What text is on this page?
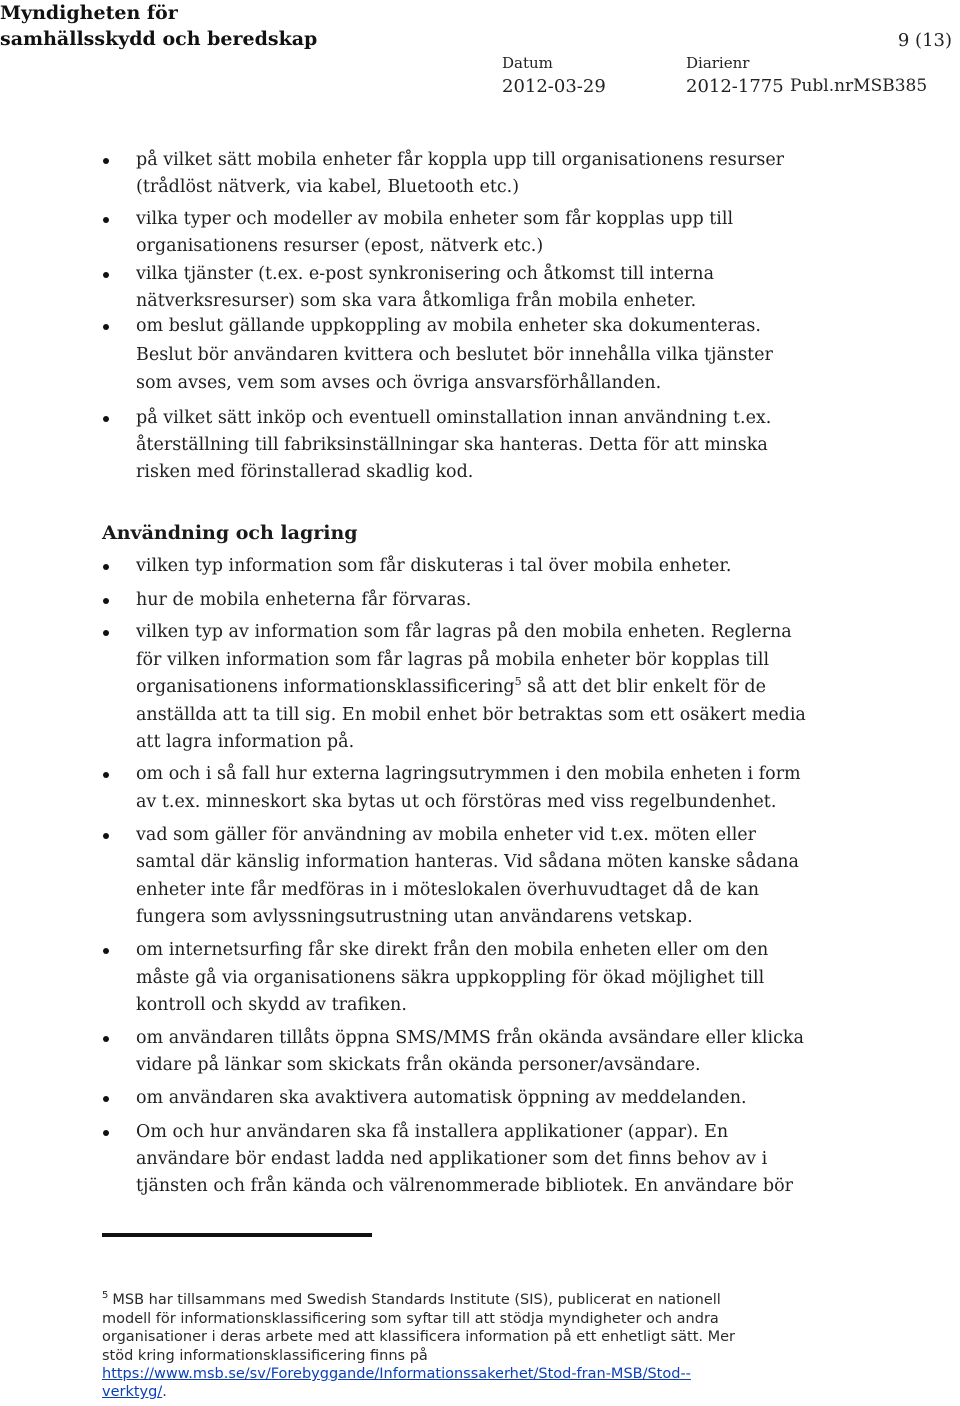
Myndigheten för
samhällsskydd och beredskap	9 (13)
Datum	Diarienr
2012-03-29	2012-1775 Publ.nrMSB385
på vilket sätt mobila enheter får koppla upp till organisationens resurser
(trådlöst nätverk, via kabel, Bluetooth etc.)
vilka typer och modeller av mobila enheter som får kopplas upp till
organisationens resurser (epost, nätverk etc.)
vilka tjänster (t.ex. e-post synkronisering och åtkomst till interna
nätverksresurser) som ska vara åtkomliga från mobila enheter.
om beslut gällande uppkoppling av mobila enheter ska dokumenteras.
Beslut bör användaren kvittera och beslutet bör innehålla vilka tjänster
som avses, vem som avses och övriga ansvarsförhållanden.
på vilket sätt inköp och eventuell ominstallation innan användning t.ex.
återställning till fabriksinställningar ska hanteras. Detta för att minska
risken med förinstallerad skadlig kod.
Användning och lagring
vilken typ information som får diskuteras i tal över mobila enheter.
hur de mobila enheterna får förvaras.
vilken typ av information som får lagras på den mobila enheten. Reglerna
för vilken information som får lagras på mobila enheter bör kopplas till
organisationens informationsklassificering$^5$ så att det blir enkelt för de
anställda att ta till sig. En mobil enhet bör betraktas som ett osäkert media
att lagra information på.
om och i så fall hur externa lagringsutrymmen i den mobila enheten i form
av t.ex. minneskort ska bytas ut och förstöras med viss regelbundenhet.
vad som gäller för användning av mobila enheter vid t.ex. möten eller
samtal där känslig information hanteras. Vid sådana möten kanske sådana
enheter inte får medföras in i möteslokalen överhuvudtaget då de kan
fungera som avlyssningsutrustning utan användarens vetskap.
om internetsurfing får ske direkt från den mobila enheten eller om den
måste gå via organisationens säkra uppkoppling för ökad möjlighet till
kontroll och skydd av trafiken.
om användaren tillåts öppna SMS/MMS från okända avsändare eller klicka
vidare på länkar som skickats från okända personer/avsändare.
om användaren ska avaktivera automatisk öppning av meddelanden.
Om och hur användaren ska få installera applikationer (appar). En
användare bör endast ladda ned applikationer som det finns behov av i
tjänsten och från kända och välrenommerade bibliotek. En användare bör
$^5$ MSB har tillsammans med Swedish Standards Institute (SIS), publicerat en nationell
modell för informationsklassificering som syftar till att stödja myndigheter och andra
organisationer i deras arbete med att klassificera information på ett enhetligt sätt. Mer
stöd kring informationsklassificering finns på
https://www.msb.se/sv/Forebyggande/Informationssakerhet/Stod-fran-MSB/Stod--
verktyg/.
